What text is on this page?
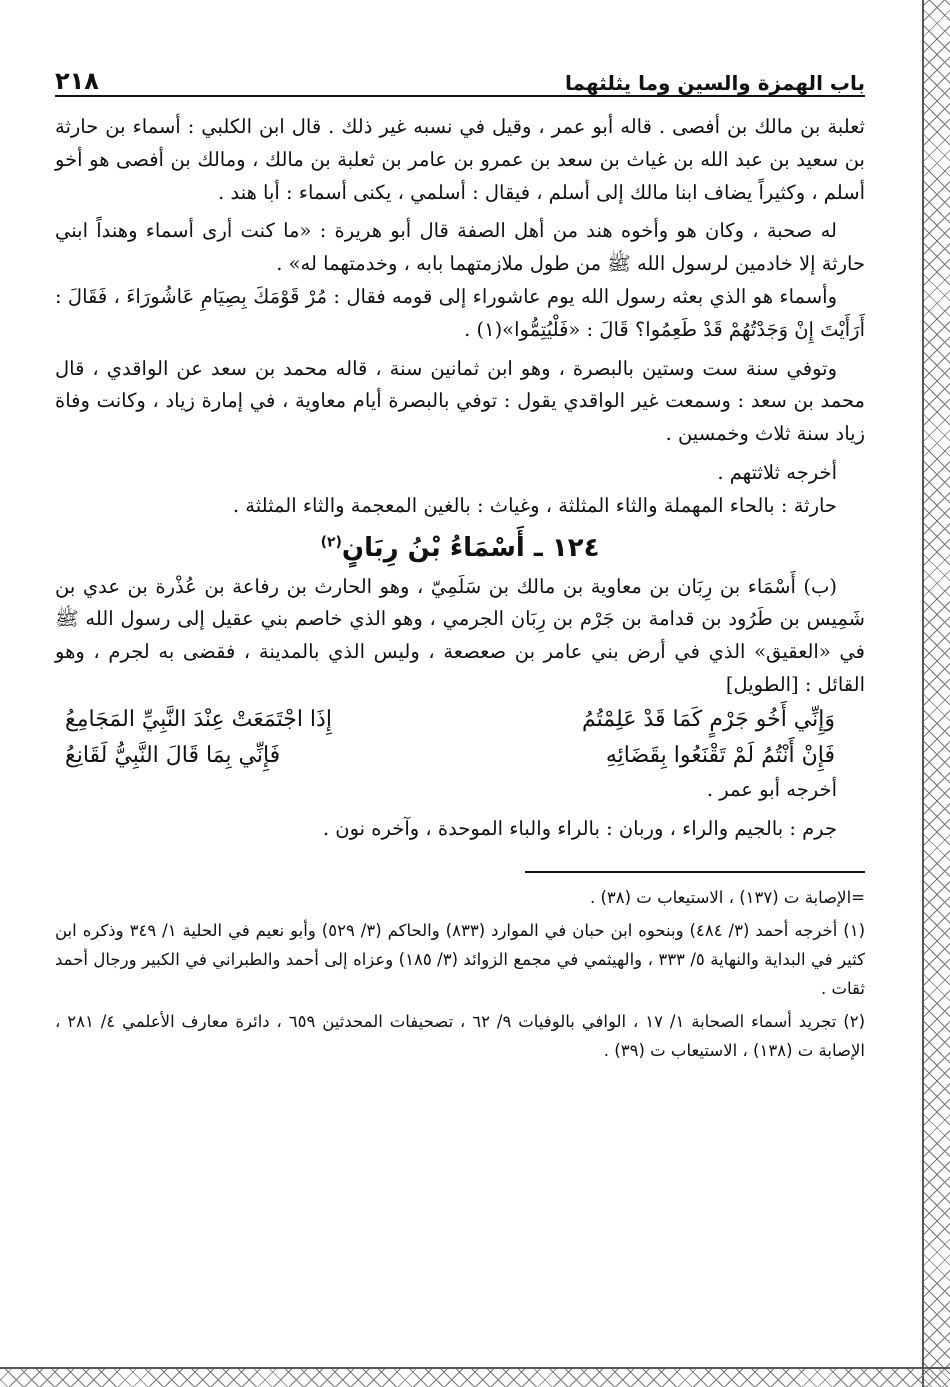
باب الهمزة والسين وما يثلثهما
٢١٨

ثعلبة بن مالك بن أفصى . قاله أبو عمر ، وقيل في نسبه غير ذلك . قال ابن الكلبي : أسماء بن حارثة بن سعيد بن عبد الله بن غياث بن سعد بن عمرو بن عامر بن ثعلبة بن مالك ، ومالك بن أفصى هو أخو أسلم ، وكثيراً يضاف ابنا مالك إلى أسلم ، فيقال : أسلمي ، يكنى أسماء : أبا هند .

له صحبة ، وكان هو وأخوه هند من أهل الصفة قال أبو هريرة : «ما كنت أرى أسماء وهنداً ابني حارثة إلا خادمين لرسول الله ﷺ من طول ملازمتهما بابه ، وخدمتهما له» .

وأسماء هو الذي بعثه رسول الله يوم عاشوراء إلى قومه فقال : مُرْ قَوْمَكَ بِصِيَامِ عَاشُورَاءَ ، فَقَالَ : أَرَأَيْتَ إِنْ وَجَدْتُهُمْ قَدْ طَعِمُوا؟ قَالَ : «فَلْيُتِمُّوا»(١) .

وتوفي سنة ست وستين بالبصرة ، وهو ابن ثمانين سنة ، قاله محمد بن سعد عن الواقدي ، قال محمد بن سعد : وسمعت غير الواقدي يقول : توفي بالبصرة أيام معاوية ، في إمارة زياد ، وكانت وفاة زياد سنة ثلاث وخمسين .

أخرجه ثلاثتهم .

حارثة : بالحاء المهملة والثاء المثلثة ، وغياث : بالغين المعجمة والثاء المثلثة .

١٢٤ ـ أَسْمَاءُ بْنُ رِبَانٍ$^{(٢)}$

(ب) أَسْمَاء بن رِبَان بن معاوية بن مالك بن سَلَمِيّ ، وهو الحارث بن رفاعة بن عُذْرة بن عدي بن شَمِيس بن طَرُود بن قدامة بن جَرْم بن رِبَان الجرمي ، وهو الذي خاصم بني عقيل إلى رسول الله ﷺ في «العقيق» الذي في أرض بني عامر بن صعصعة ، وليس الذي بالمدينة ، فقضى به لجرم ، وهو القائل : [الطويل]

وَإِنِّي أَخُو جَرْمٍ كَمَا قَدْ عَلِمْتُمُ
إِذَا اجْتَمَعَتْ عِنْدَ النَّبِيِّ المَجَامِعُ
فَإِنْ أَنْتُمُ لَمْ تَقْنَعُوا بِقَضَائِهِ
فَإِنِّي بِمَا قَالَ النَّبِيُّ لَقَانِعُ

أخرجه أبو عمر .

جرم : بالجيم والراء ، وربان : بالراء والباء الموحدة ، وآخره نون .

=الإصابة ت (١٣٧) ، الاستيعاب ت (٣٨) .

(١) أخرجه أحمد (٣/ ٤٨٤) وبنحوه ابن حبان في الموارد (٨٣٣) والحاكم (٣/ ٥٢٩) وأبو نعيم في الحلية ١/ ٣٤٩ وذكره ابن كثير في البداية والنهاية ٥/ ٣٣٣ ، والهيثمي في مجمع الزوائد (٣/ ١٨٥) وعزاه إلى أحمد والطبراني في الكبير ورجال أحمد ثقات .

(٢) تجريد أسماء الصحابة ١/ ١٧ ، الوافي بالوفيات ٩/ ٦٢ ، تصحيفات المحدثين ٦٥٩ ، دائرة معارف الأعلمي ٤/ ٢٨١ ، الإصابة ت (١٣٨) ، الاستيعاب ت (٣٩) .
